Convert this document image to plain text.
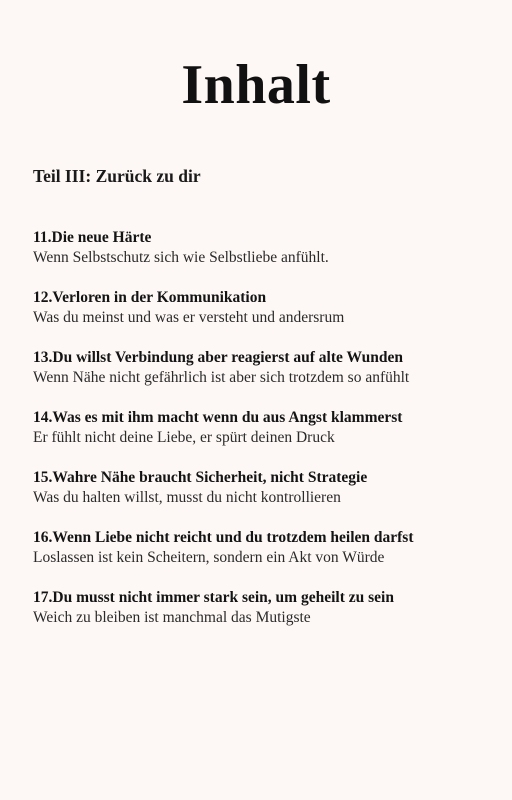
Inhalt
Teil III: Zurück zu dir
11.Die neue Härte
Wenn Selbstschutz sich wie Selbstliebe anfühlt.
12.Verloren in der Kommunikation
Was du meinst und was er versteht und andersrum
13.Du willst Verbindung aber reagierst auf alte Wunden
Wenn Nähe nicht gefährlich ist aber sich trotzdem so anfühlt
14.Was es mit ihm macht wenn du aus Angst klammerst
Er fühlt nicht deine Liebe, er spürt deinen Druck
15.Wahre Nähe braucht Sicherheit, nicht Strategie
Was du halten willst, musst du nicht kontrollieren
16.Wenn Liebe nicht reicht und du trotzdem heilen darfst
Loslassen ist kein Scheitern, sondern ein Akt von Würde
17.Du musst nicht immer stark sein, um geheilt zu sein
Weich zu bleiben ist manchmal das Mutigste
